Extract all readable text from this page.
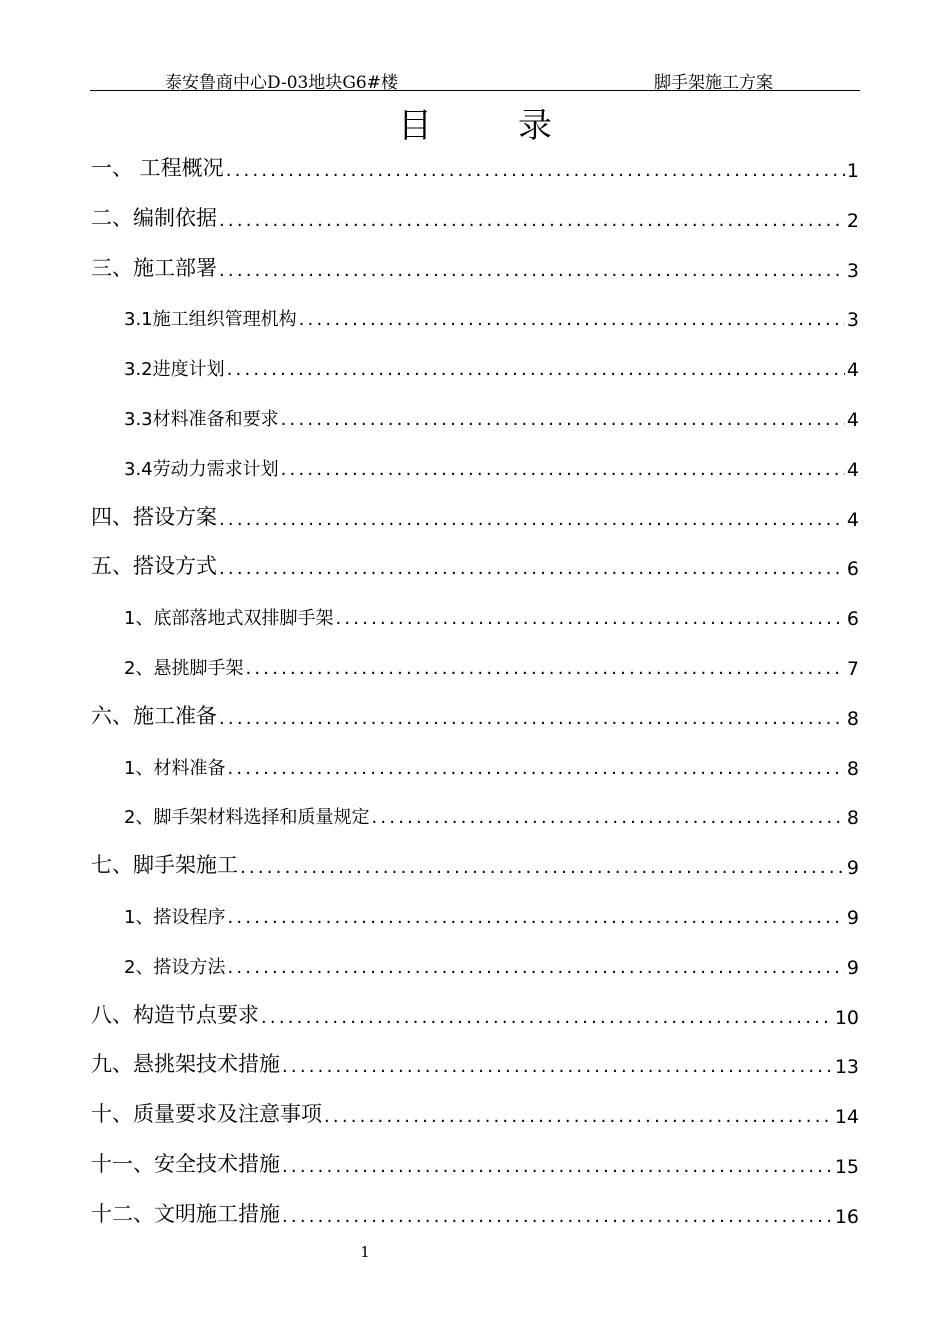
泰安鲁商中心D-03地块G6#楼	脚手架施工方案
目	录
一、 工程概况 .....	1
二、编制依据 .....	2
三、施工部署 .....	3
3.1施工组织管理机构 .....	3
3.2进度计划 .....	4
3.3材料准备和要求 .....	4
3.4劳动力需求计划 .....	4
四、搭设方案 .....	4
五、搭设方式 .....	6
1、底部落地式双排脚手架 .....	6
2、悬挑脚手架 .....	7
六、施工准备 .....	8
1、材料准备 .....	8
2、脚手架材料选择和质量规定 .....	8
七、脚手架施工 .....	9
1、搭设程序 .....	9
2、搭设方法 .....	9
八、构造节点要求 .....	10
九、悬挑架技术措施 .....	13
十、质量要求及注意事项 .....	14
十一、安全技术措施 .....	15
十二、文明施工措施 .....	16
1
